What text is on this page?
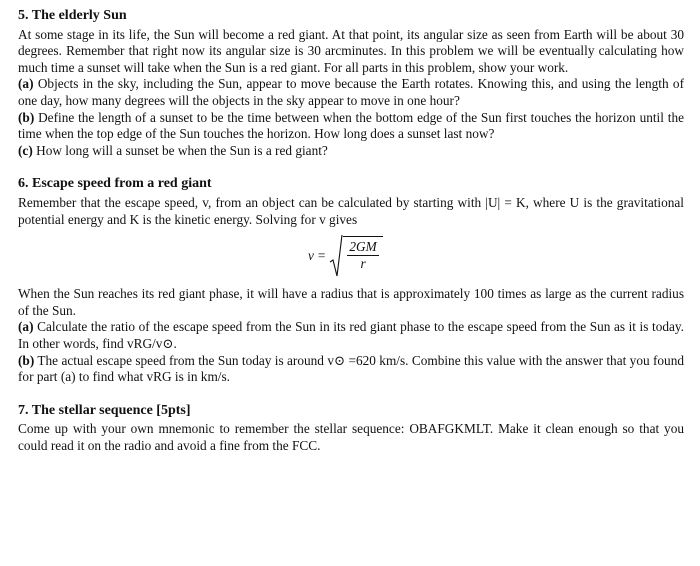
5. The elderly Sun

At some stage in its life, the Sun will become a red giant. At that point, its angular size as seen from Earth will be about 30 degrees. Remember that right now its angular size is 30 arcminutes. In this problem we will be eventually calculating how much time a sunset will take when the Sun is a red giant. For all parts in this problem, show your work.

(a) Objects in the sky, including the Sun, appear to move because the Earth rotates. Knowing this, and using the length of one day, how many degrees will the objects in the sky appear to move in one hour?

(b) Define the length of a sunset to be the time between when the bottom edge of the Sun first touches the horizon until the time when the top edge of the Sun touches the horizon. How long does a sunset last now?

(c) How long will a sunset be when the Sun is a red giant?

6. Escape speed from a red giant

Remember that the escape speed, v, from an object can be calculated by starting with |U| = K, where U is the gravitational potential energy and K is the kinetic energy. Solving for v gives

$v = \frac{2GM}{r}$

When the Sun reaches its red giant phase, it will have a radius that is approximately 100 times as large as the current radius of the Sun.

(a) Calculate the ratio of the escape speed from the Sun in its red giant phase to the escape speed from the Sun as it is today. In other words, find vRG/v⊙.

(b) The actual escape speed from the Sun today is around v⊙ =620 km/s. Combine this value with the answer that you found for part (a) to find what vRG is in km/s.

7. The stellar sequence [5pts]

Come up with your own mnemonic to remember the stellar sequence: OBAFGKMLT. Make it clean enough so that you could read it on the radio and avoid a fine from the FCC.
